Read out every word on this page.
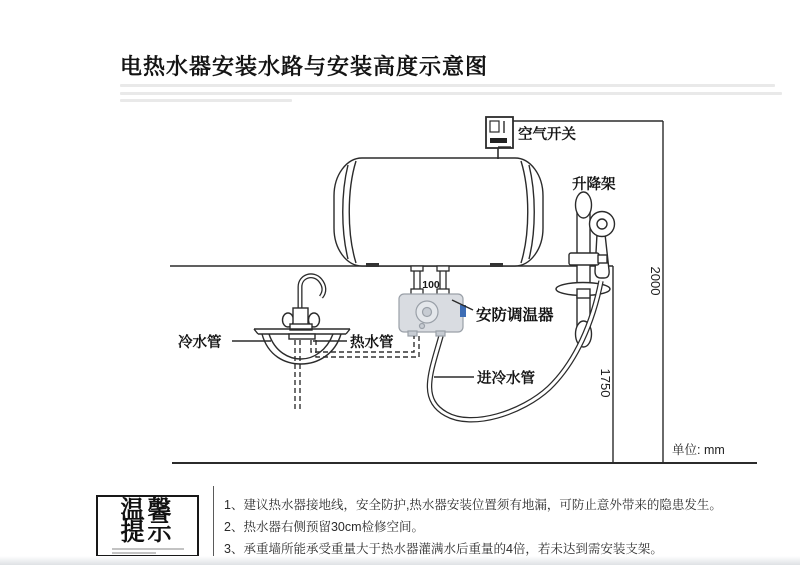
电热水器安装水路与安装高度示意图
100
空气开关
升降架
安防调温器
冷水管	热水管
进冷水管
单位: mm
2000
1750
温馨
提示
1、建议热水器接地线，安全防护,热水器安装位置须有地漏，可防止意外带来的隐患发生。
2、热水器右侧预留30cm检修空间。
3、承重墙所能承受重量大于热水器灌满水后重量的4倍，若未达到需安装支架。
